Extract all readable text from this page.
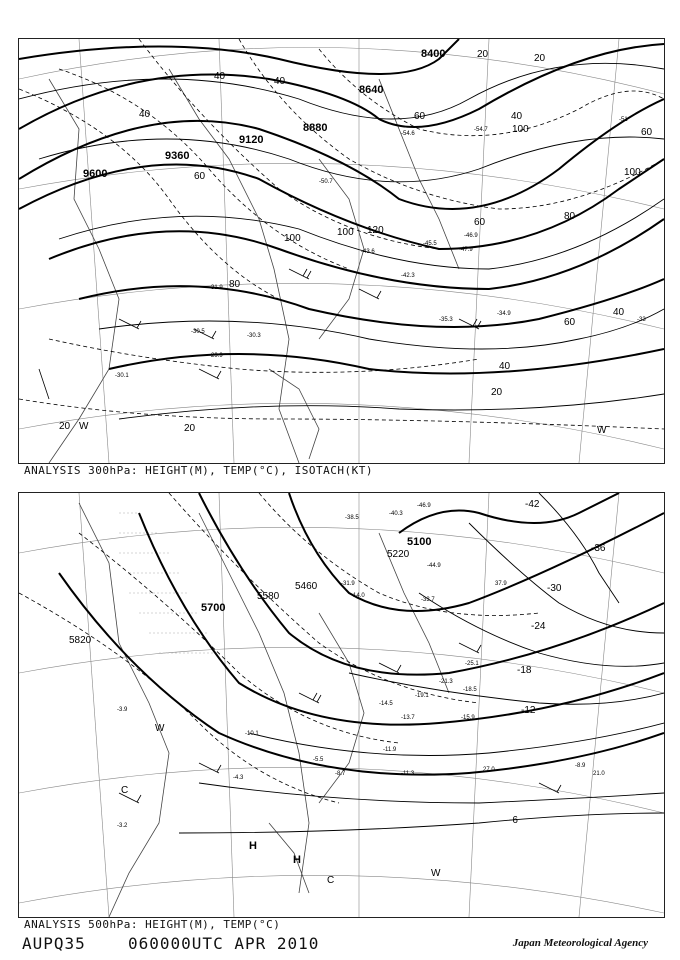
8400
8640
8880
9120
9360
9600
20	20
40	40
40	40
60
60
60
60
60
80
80
100
100
100
100
120
40
40
20
20	20
-54.7
-54.6
-50.7
-47.9
-46.9
-45.5
-43.6
-42.3
-34.9
-35.3
-31.9
-30.5
-30.3
-29.9
-30.1
-51
-33
W
W
ANALYSIS 300hPa: HEIGHT(M), TEMP(°C), ISOTACH(KT)
5100
5220
5460
5580
5700
5820
-42
-36
-30
-24
-18
-12
-6
-40.3
-46.9
-38.5
-44.9
-33.7
-31.9
-25.1
-21.3
-19.1
-18.5
-15.9
-14.5
-13.7
-11.9
-11.3
-10.1
-8.9
-8.7
-5.5
-4.3
-3.9
-3.2
37.9
14.0
21.0
27.0
H
H
C
C
W
W
ANALYSIS 500hPa: HEIGHT(M), TEMP(°C)
AUPQ35	060000UTC APR 2010	Japan Meteorological Agency
